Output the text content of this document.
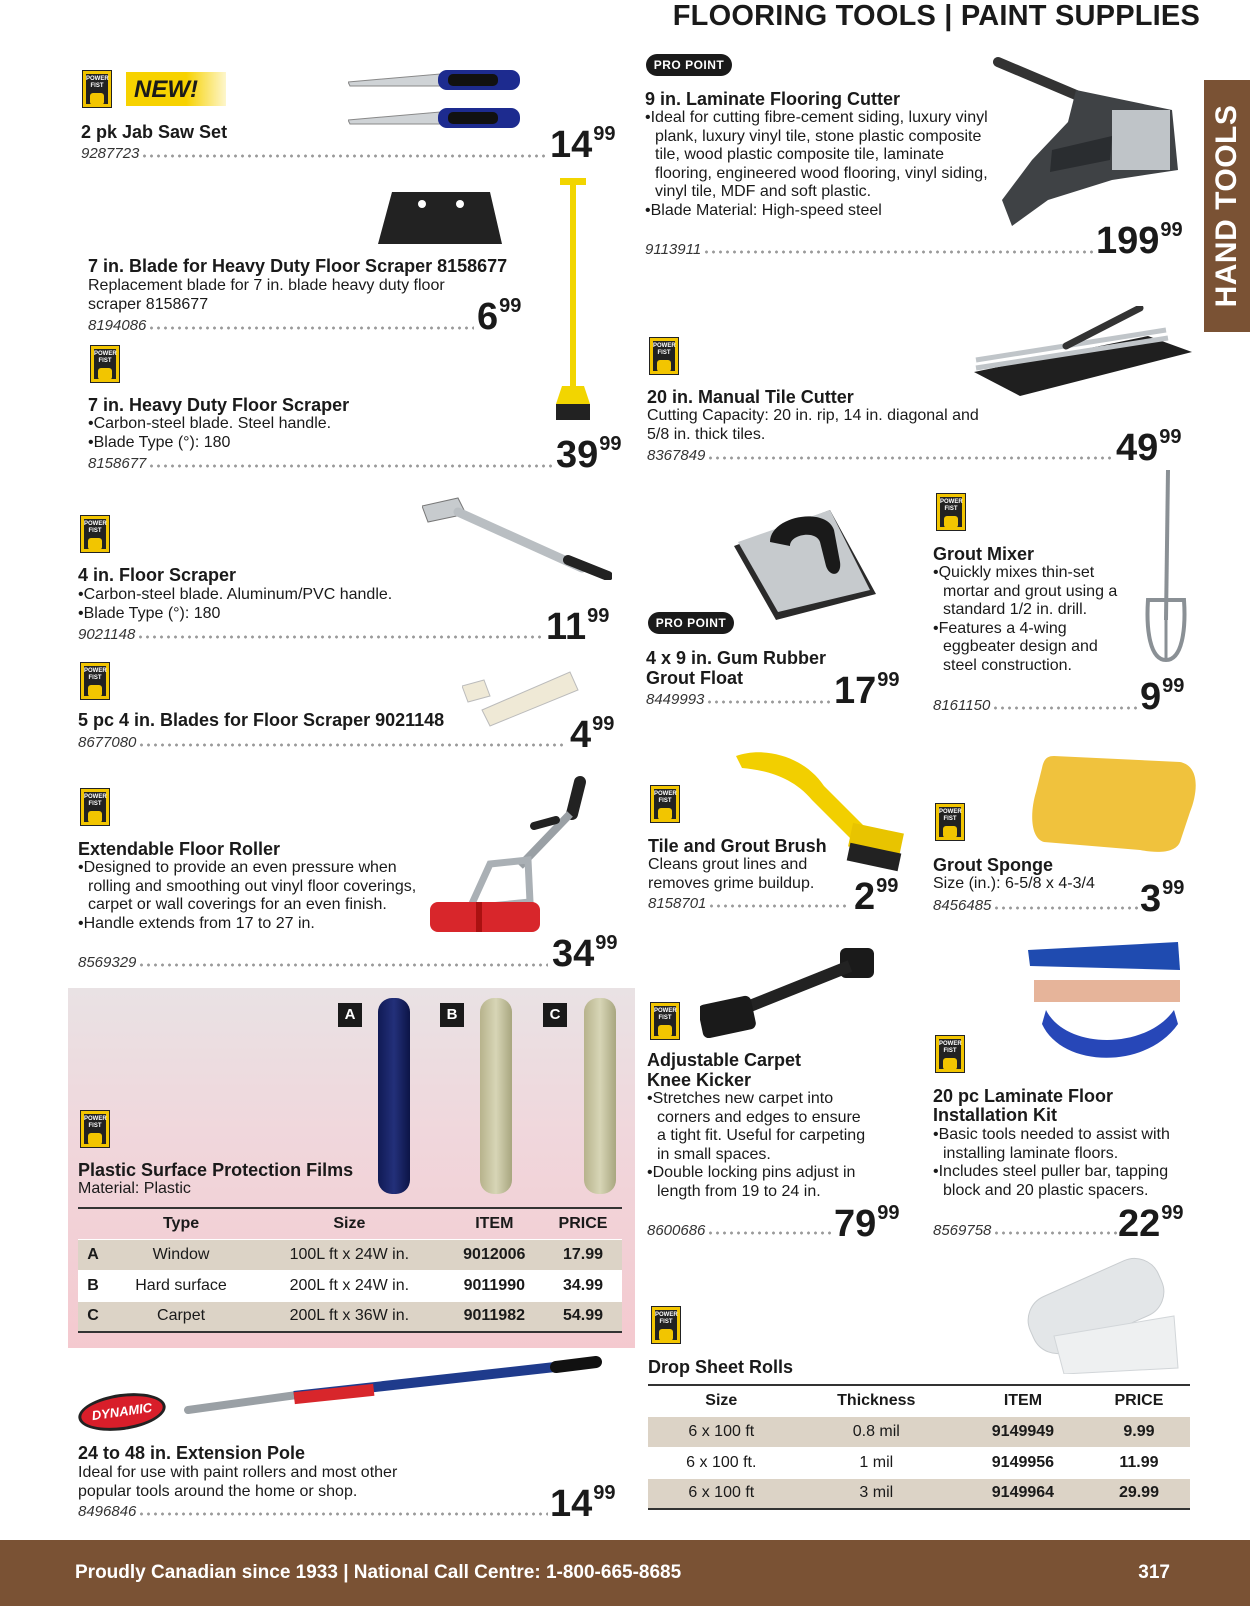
FLOORING TOOLS | PAINT SUPPLIES
HAND TOOLS
POWER
FIST NEW!
2 pk Jab Saw Set
9287723	$14^{99}$
7 in. Blade for Heavy Duty Floor Scraper 8158677
Replacement blade for 7 in. blade heavy duty floor scraper 8158677
8194086	$6^{99}$
POWER
FIST
7 in. Heavy Duty Floor Scraper
•Carbon-steel blade. Steel handle.
•Blade Type (°): 180
8158677	$39^{99}$
POWER
FIST
4 in. Floor Scraper
•Carbon-steel blade. Aluminum/PVC handle.
•Blade Type (°): 180
9021148	$11^{99}$
POWER
FIST
5 pc 4 in. Blades for Floor Scraper 9021148
8677080	$4^{99}$
POWER
FIST
Extendable Floor Roller
•Designed to provide an even pressure when rolling and smoothing out vinyl floor coverings, carpet or wall coverings for an even finish.
•Handle extends from 17 to 27 in.
8569329	$34^{99}$
A	B	C
POWER
FIST
Plastic Surface Protection Films
Material: Plastic
	Type	Size	ITEM	PRICE
A	Window	100L ft x 24W in.	9012006	17.99
B	Hard surface	200L ft x 24W in.	9011990	34.99
C	Carpet	200L ft x 36W in.	9011982	54.99
DYNAMIC
24 to 48 in. Extension Pole
Ideal for use with paint rollers and most other popular tools around the home or shop.
8496846	$14^{99}$
PRO POINT
9 in. Laminate Flooring Cutter
•Ideal for cutting fibre-cement siding, luxury vinyl plank, luxury vinyl tile, stone plastic composite tile, wood plastic composite tile, laminate flooring, engineered wood flooring, vinyl siding, vinyl tile, MDF and soft plastic.
•Blade Material: High-speed steel
9113911	$199^{99}$
POWER
FIST
20 in. Manual Tile Cutter
Cutting Capacity: 20 in. rip, 14 in. diagonal and 5/8 in. thick tiles.
8367849	$49^{99}$
PRO POINT
4 x 9 in. Gum Rubber
Grout Float
8449993	$17^{99}$
POWER
FIST
Grout Mixer
•Quickly mixes thin-set mortar and grout using a standard 1/2 in. drill.
•Features a 4-wing eggbeater design and steel construction.
8161150	$9^{99}$
POWER
FIST
Tile and Grout Brush
Cleans grout lines and removes grime buildup.
8158701	$2^{99}$
POWER
FIST
Grout Sponge
Size (in.): 6-5/8 x 4-3/4
8456485	$3^{99}$
POWER
FIST
Adjustable Carpet
Knee Kicker
•Stretches new carpet into corners and edges to ensure a tight fit. Useful for carpeting in small spaces.
•Double locking pins adjust in length from 19 to 24 in.
8600686	$79^{99}$
POWER
FIST
20 pc Laminate Floor
Installation Kit
•Basic tools needed to assist with installing laminate floors.
•Includes steel puller bar, tapping block and 20 plastic spacers.
8569758	$22^{99}$
POWER
FIST
Drop Sheet Rolls
Size	Thickness	ITEM	PRICE
6 x 100 ft	0.8 mil	9149949	9.99
6 x 100 ft.	1 mil	9149956	11.99
6 x 100 ft	3 mil	9149964	29.99
Proudly Canadian since 1933 | National Call Centre: 1-800-665-8685	317
